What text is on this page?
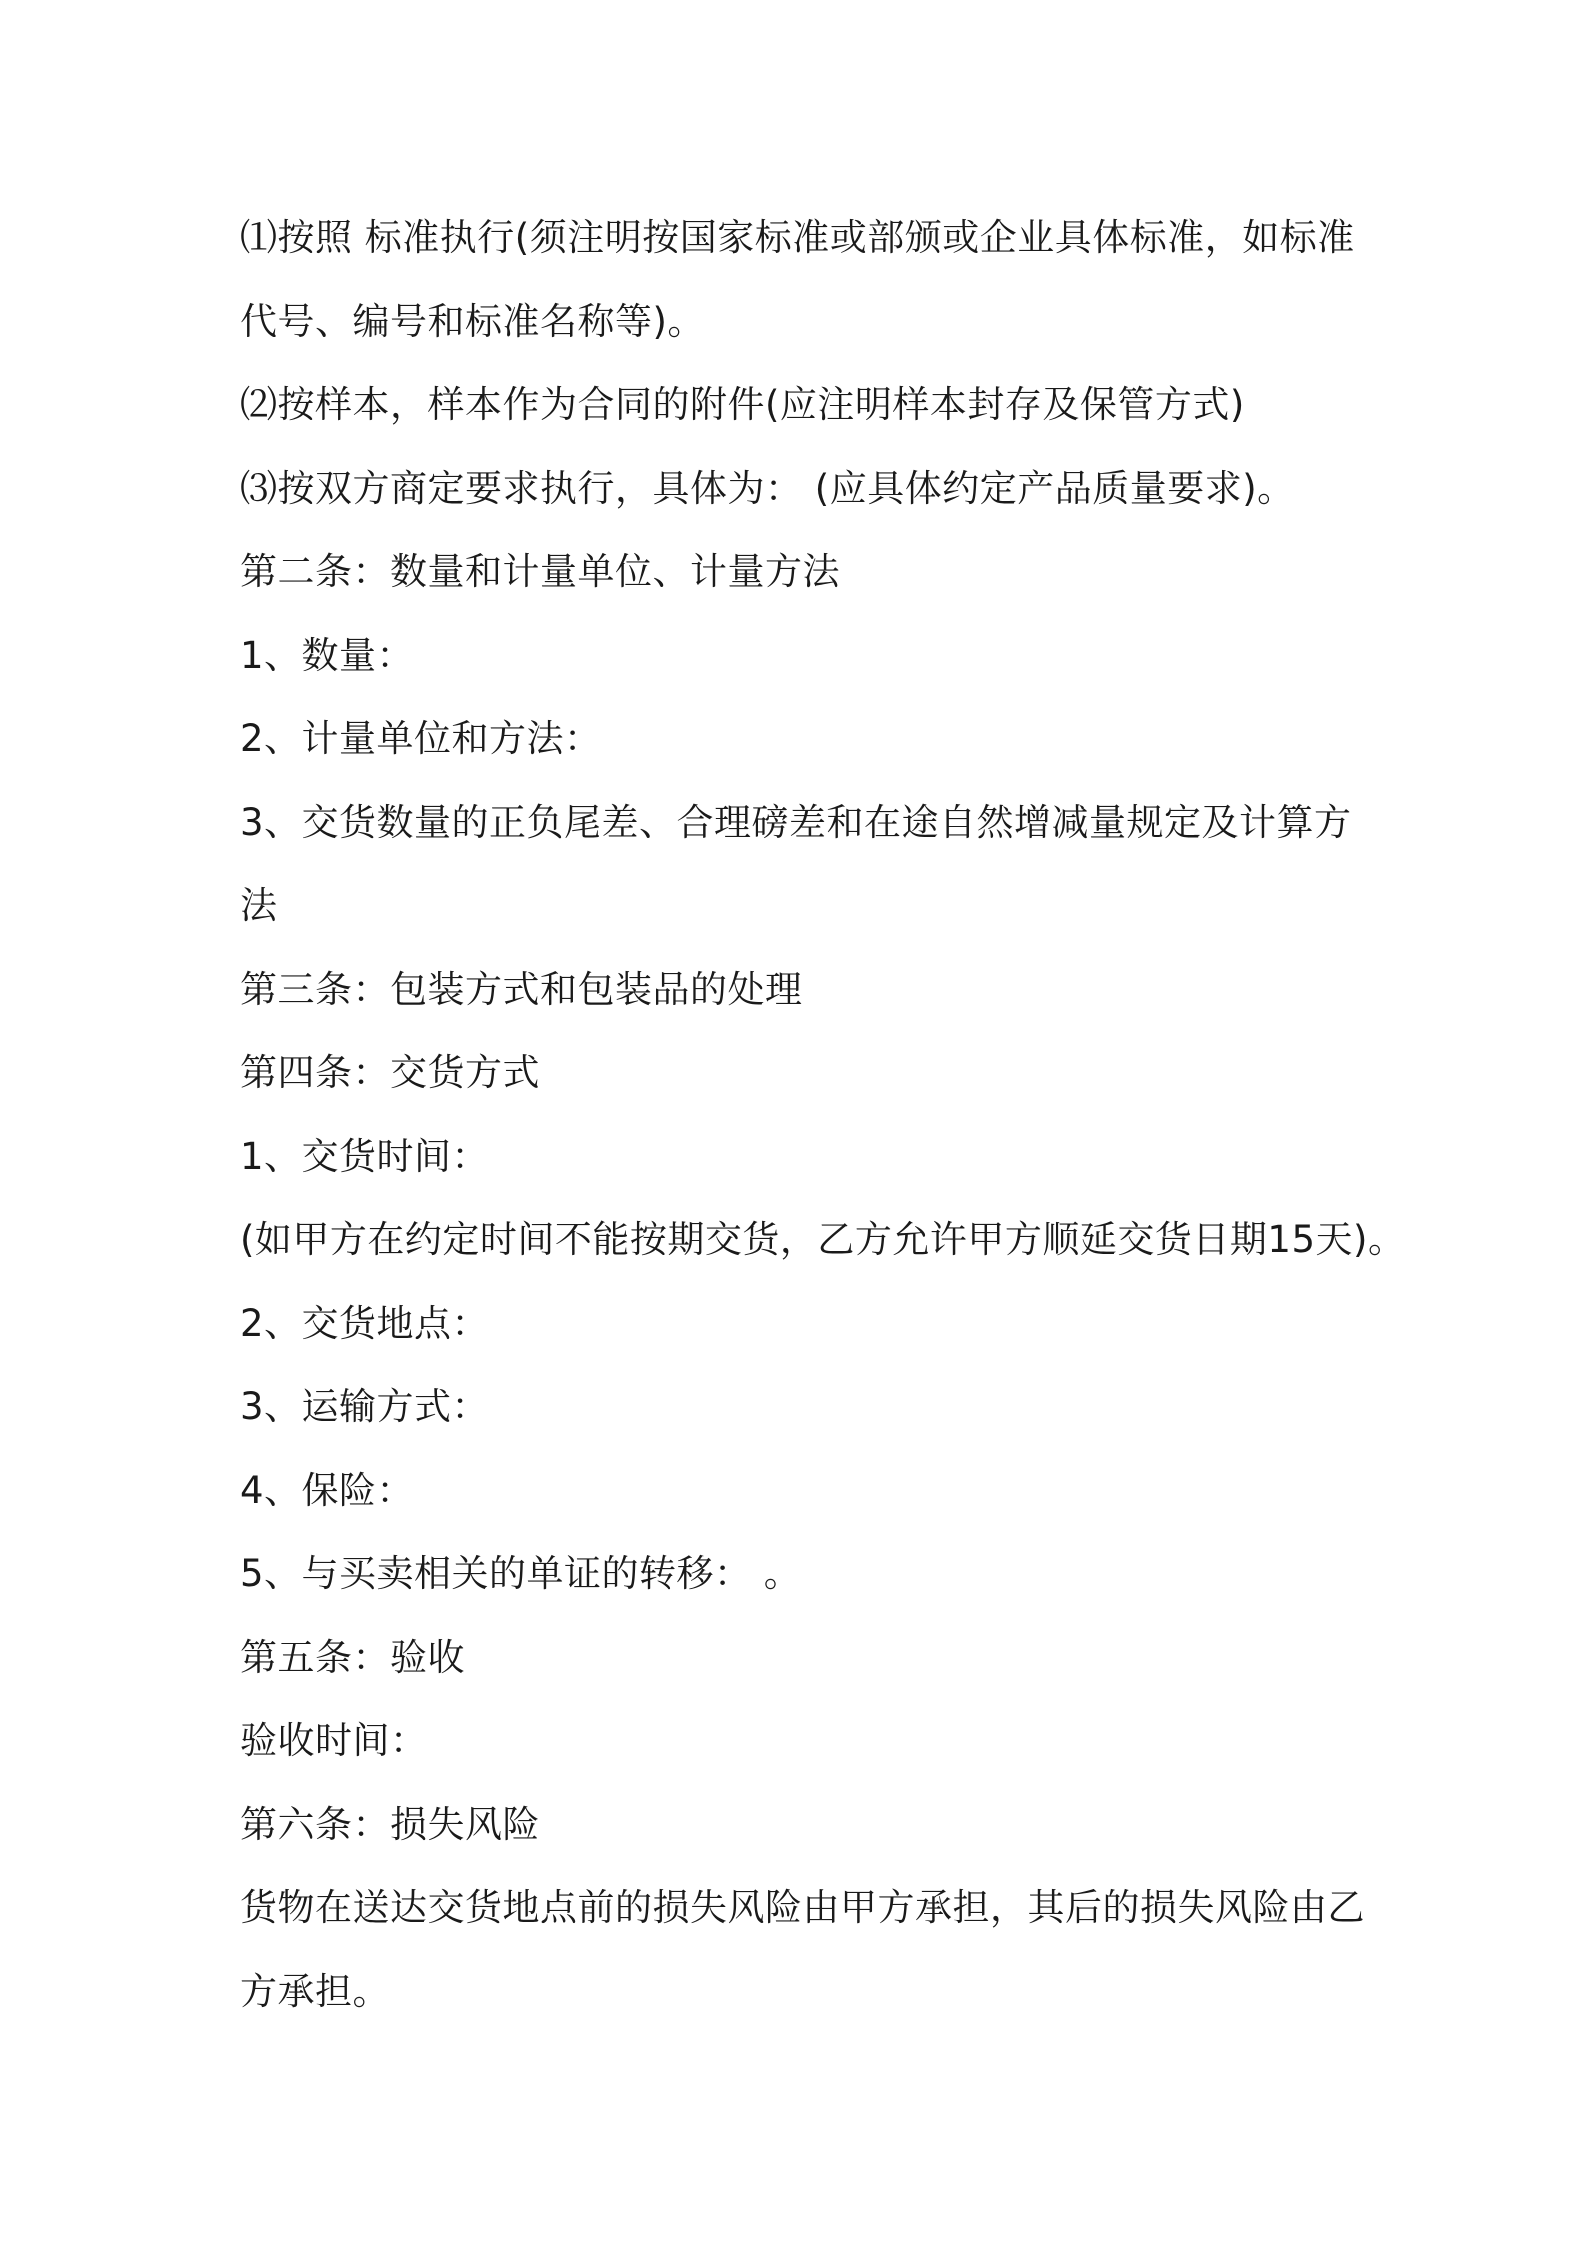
⑴按照 标准执行(须注明按国家标准或部颁或企业具体标准，如标准
代号、编号和标准名称等)。
⑵按样本，样本作为合同的附件(应注明样本封存及保管方式)
⑶按双方商定要求执行，具体为： (应具体约定产品质量要求)。
第二条：数量和计量单位、计量方法
1、数量：
2、计量单位和方法：
3、交货数量的正负尾差、合理磅差和在途自然增减量规定及计算方
法
第三条：包装方式和包装品的处理
第四条：交货方式
1、交货时间：
(如甲方在约定时间不能按期交货，乙方允许甲方顺延交货日期15天)。
2、交货地点：
3、运输方式：
4、保险：
5、与买卖相关的单证的转移： 。
第五条：验收
验收时间：
第六条：损失风险
货物在送达交货地点前的损失风险由甲方承担，其后的损失风险由乙
方承担。
